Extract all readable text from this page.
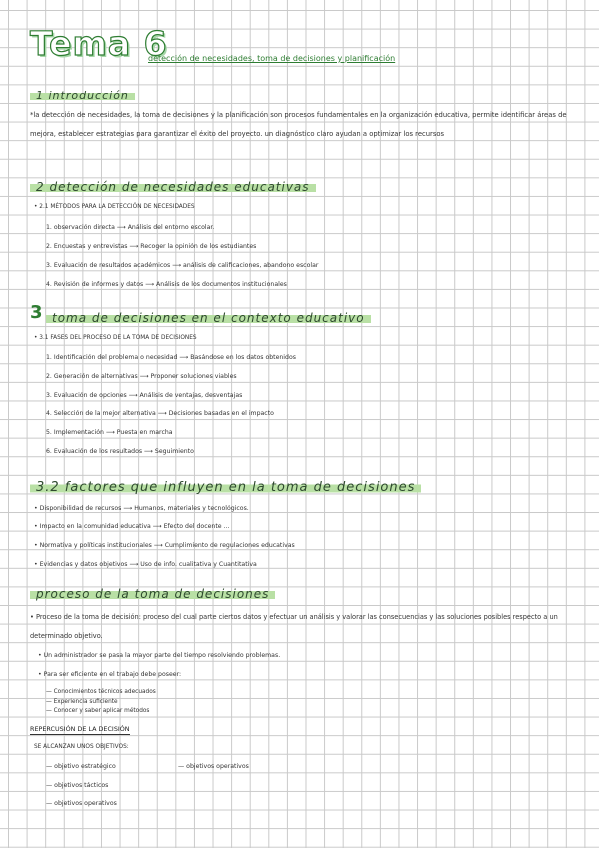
Tema 6
detección de necesidades, toma de decisiones y planificación
1 introducción
*la detección de necesidades, la toma de decisiones y la planificación son procesos fundamentales en la organización educativa, permite identificar áreas de mejora, establecer estrategias para garantizar el éxito del proyecto. un diagnóstico claro ayudan a optimizar los recursos
2 detección de necesidades educativas
• 2.1 MÉTODOS PARA LA DETECCIÓN DE NECESIDADES
1. observación directa ⟶ Análisis del entorno escolar.
2. Encuestas y entrevistas ⟶ Recoger la opinión de los estudiantes
3. Evaluación de resultados académicos ⟶ análisis de calificaciones, abandono escolar
4. Revisión de informes y datos ⟶ Análisis de los documentos institucionales
3 toma de decisiones en el contexto educativo
• 3.1 FASES DEL PROCESO DE LA TOMA DE DECISIONES
1. Identificación del problema o necesidad ⟶ Basándose en los datos obtenidos
2. Generación de alternativas ⟶ Proponer soluciones viables
3. Evaluación de opciones ⟶ Análisis de ventajas, desventajas
4. Selección de la mejor alternativa ⟶ Decisiones basadas en el impacto
5. Implementación ⟶ Puesta en marcha
6. Evaluación de los resultados ⟶ Seguimiento
3.2 factores que influyen en la toma de decisiones
• Disponibilidad de recursos ⟶ Humanos, materiales y tecnológicos.
• Impacto en la comunidad educativa ⟶ Efecto del docente ...
• Normativa y políticas institucionales ⟶ Cumplimiento de regulaciones educativas
• Evidencias y datos objetivos ⟶ Uso de info. cualitativa y Cuantitativa
proceso de la toma de decisiones
• Proceso de la toma de decisión: proceso del cual parte ciertos datos y efectuar un análisis y valorar las consecuencias y las soluciones posibles respecto a un determinado objetivo.
• Un administrador se pasa la mayor parte del tiempo resolviendo problemas.
• Para ser eficiente en el trabajo debe poseer:
— Conocimientos técnicos adecuados
— Experiencia suficiente
— Conocer y saber aplicar métodos
REPERCUSIÓN DE LA DECISIÓN
SE ALCANZAN UNOS OBJETIVOS:
— objetivo estratégico	— objetivos operativos
— objetivos tácticos
— objetivos operativos
